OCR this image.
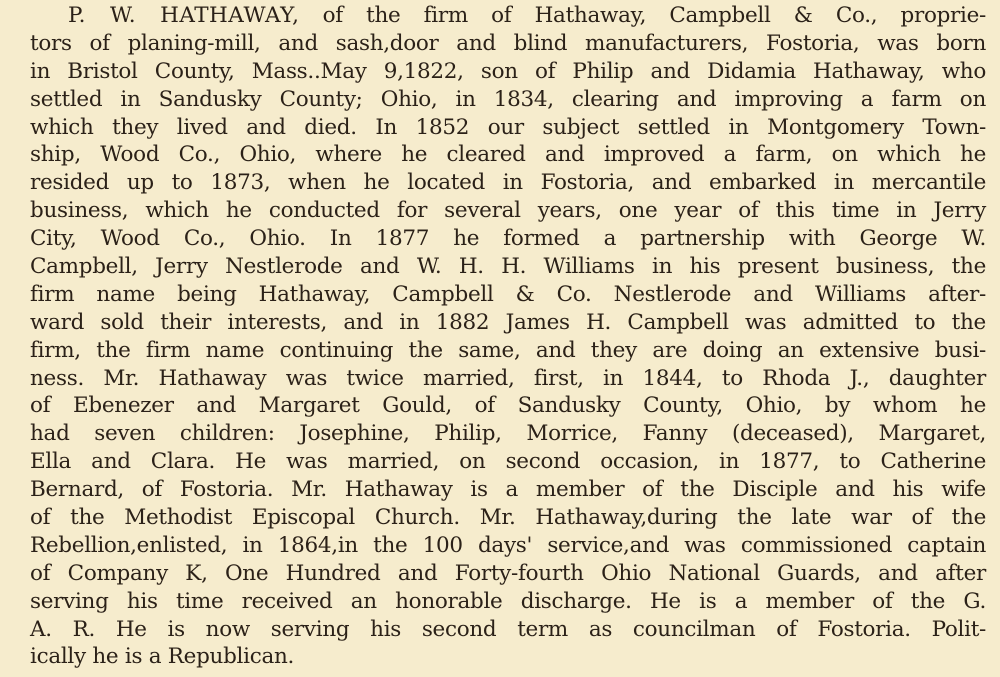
P. W. HATHAWAY, of the firm of Hathaway, Campbell & Co., proprie-
tors of planing-mill, and sash,door and blind manufacturers, Fostoria, was born
in Bristol County, Mass..May 9,1822, son of Philip and Didamia Hathaway, who
settled in Sandusky County; Ohio, in 1834, clearing and improving a farm on
which they lived and died. In 1852 our subject settled in Montgomery Town-
ship, Wood Co., Ohio, where he cleared and improved a farm, on which he
resided up to 1873, when he located in Fostoria, and embarked in mercantile
business, which he conducted for several years, one year of this time in Jerry
City, Wood Co., Ohio. In 1877 he formed a partnership with George W.
Campbell, Jerry Nestlerode and W. H. H. Williams in his present business, the
firm name being Hathaway, Campbell & Co. Nestlerode and Williams after-
ward sold their interests, and in 1882 James H. Campbell was admitted to the
firm, the firm name continuing the same, and they are doing an extensive busi-
ness. Mr. Hathaway was twice married, first, in 1844, to Rhoda J., daughter
of Ebenezer and Margaret Gould, of Sandusky County, Ohio, by whom he
had seven children: Josephine, Philip, Morrice, Fanny (deceased), Margaret,
Ella and Clara. He was married, on second occasion, in 1877, to Catherine
Bernard, of Fostoria. Mr. Hathaway is a member of the Disciple and his wife
of the Methodist Episcopal Church. Mr. Hathaway,during the late war of the
Rebellion,enlisted, in 1864,in the 100 days' service,and was commissioned captain
of Company K, One Hundred and Forty-fourth Ohio National Guards, and after
serving his time received an honorable discharge. He is a member of the G.
A. R. He is now serving his second term as councilman of Fostoria. Polit-
ically he is a Republican.
